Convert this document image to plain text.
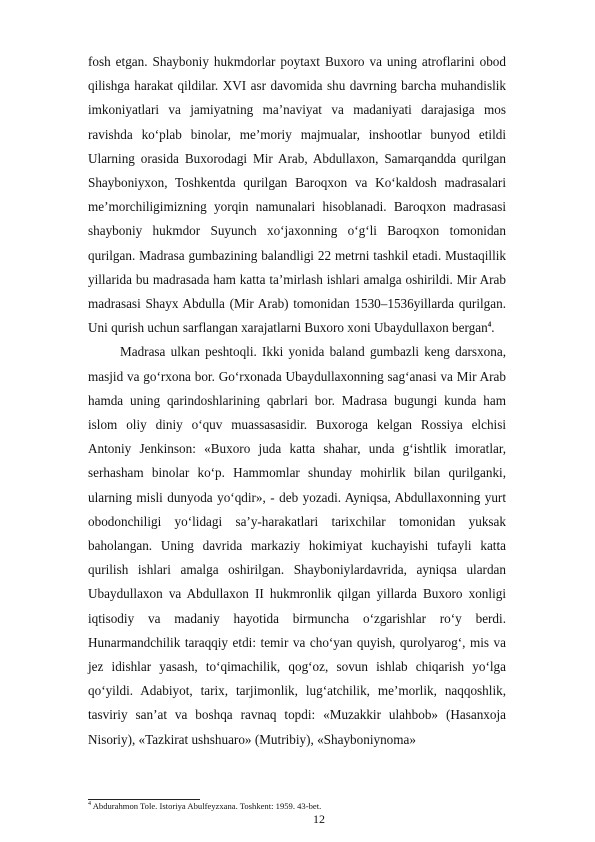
fosh etgan. Shayboniy hukmdorlar poytaxt Buxoro va uning atroflarini obod qilishga harakat qildilar. XVI asr davomida shu davrning barcha muhandislik imkoniyatlari va jamiyatning ma’naviyat va madaniyati darajasiga mos ravishda ko‘plab binolar, me’moriy majmualar, inshootlar bunyod etildi Ularning orasida Buxorodagi Mir Arab, Abdullaxon, Samarqandda qurilgan Shayboniyxon, Toshkentda qurilgan Baroqxon va Ko‘kaldosh madrasalari me’morchiligimizning yorqin namunalari hisoblanadi. Baroqxon madrasasi shayboniy hukmdor Suyunch xo‘jaxonning o‘g‘li Baroqxon tomonidan qurilgan. Madrasa gumbazining balandligi 22 metrni tashkil etadi. Mustaqillik yillarida bu madrasada ham katta ta’mirlash ishlari amalga oshirildi. Mir Arab madrasasi Shayx Abdulla (Mir Arab) tomonidan 1530–1536yillarda qurilgan. Uni qurish uchun sarflangan xarajatlarni Buxoro xoni Ubaydullaxon bergan$^4$.

Madrasa ulkan peshtoqli. Ikki yonida baland gumbazli keng darsxona, masjid va go‘rxona bor. Go‘rxonada Ubaydullaxonning sag‘anasi va Mir Arab hamda uning qarindoshlarining qabrlari bor. Madrasa bugungi kunda ham islom oliy diniy o‘quv muassasasidir. Buxoroga kelgan Rossiya elchisi Antoniy Jenkinson: «Buxoro juda katta shahar, unda g‘ishtlik imoratlar, serhasham binolar ko‘p. Hammomlar shunday mohirlik bilan qurilganki, ularning misli dunyoda yo‘qdir», - deb yozadi. Ayniqsa, Abdullaxonning yurt obodonchiligi yo‘lidagi sa’y-harakatlari tarixchilar tomonidan yuksak baholangan. Uning davrida markaziy hokimiyat kuchayishi tufayli katta qurilish ishlari amalga oshirilgan. Shayboniylardavrida, ayniqsa ulardan Ubaydullaxon va Abdullaxon II hukmronlik qilgan yillarda Buxoro xonligi iqtisodiy va madaniy hayotida birmuncha o‘zgarishlar ro‘y berdi. Hunarmandchilik taraqqiy etdi: temir va cho‘yan quyish, qurolyarog‘, mis va jez idishlar yasash, to‘qimachilik, qog‘oz, sovun ishlab chiqarish yo‘lga qo‘yildi. Adabiyot, tarix, tarjimonlik, lug‘atchilik, me’morlik, naqqoshlik, tasviriy san’at va boshqa ravnaq topdi: «Muzakkir ulahbob» (Hasanxoja Nisoriy), «Tazkirat ushshuaro» (Mutribiy), «Shayboniynoma»

$^4$ Abdurahmon Tole. Istoriya Abulfeyzxana. Toshkent: 1959. 43-bet.

12
